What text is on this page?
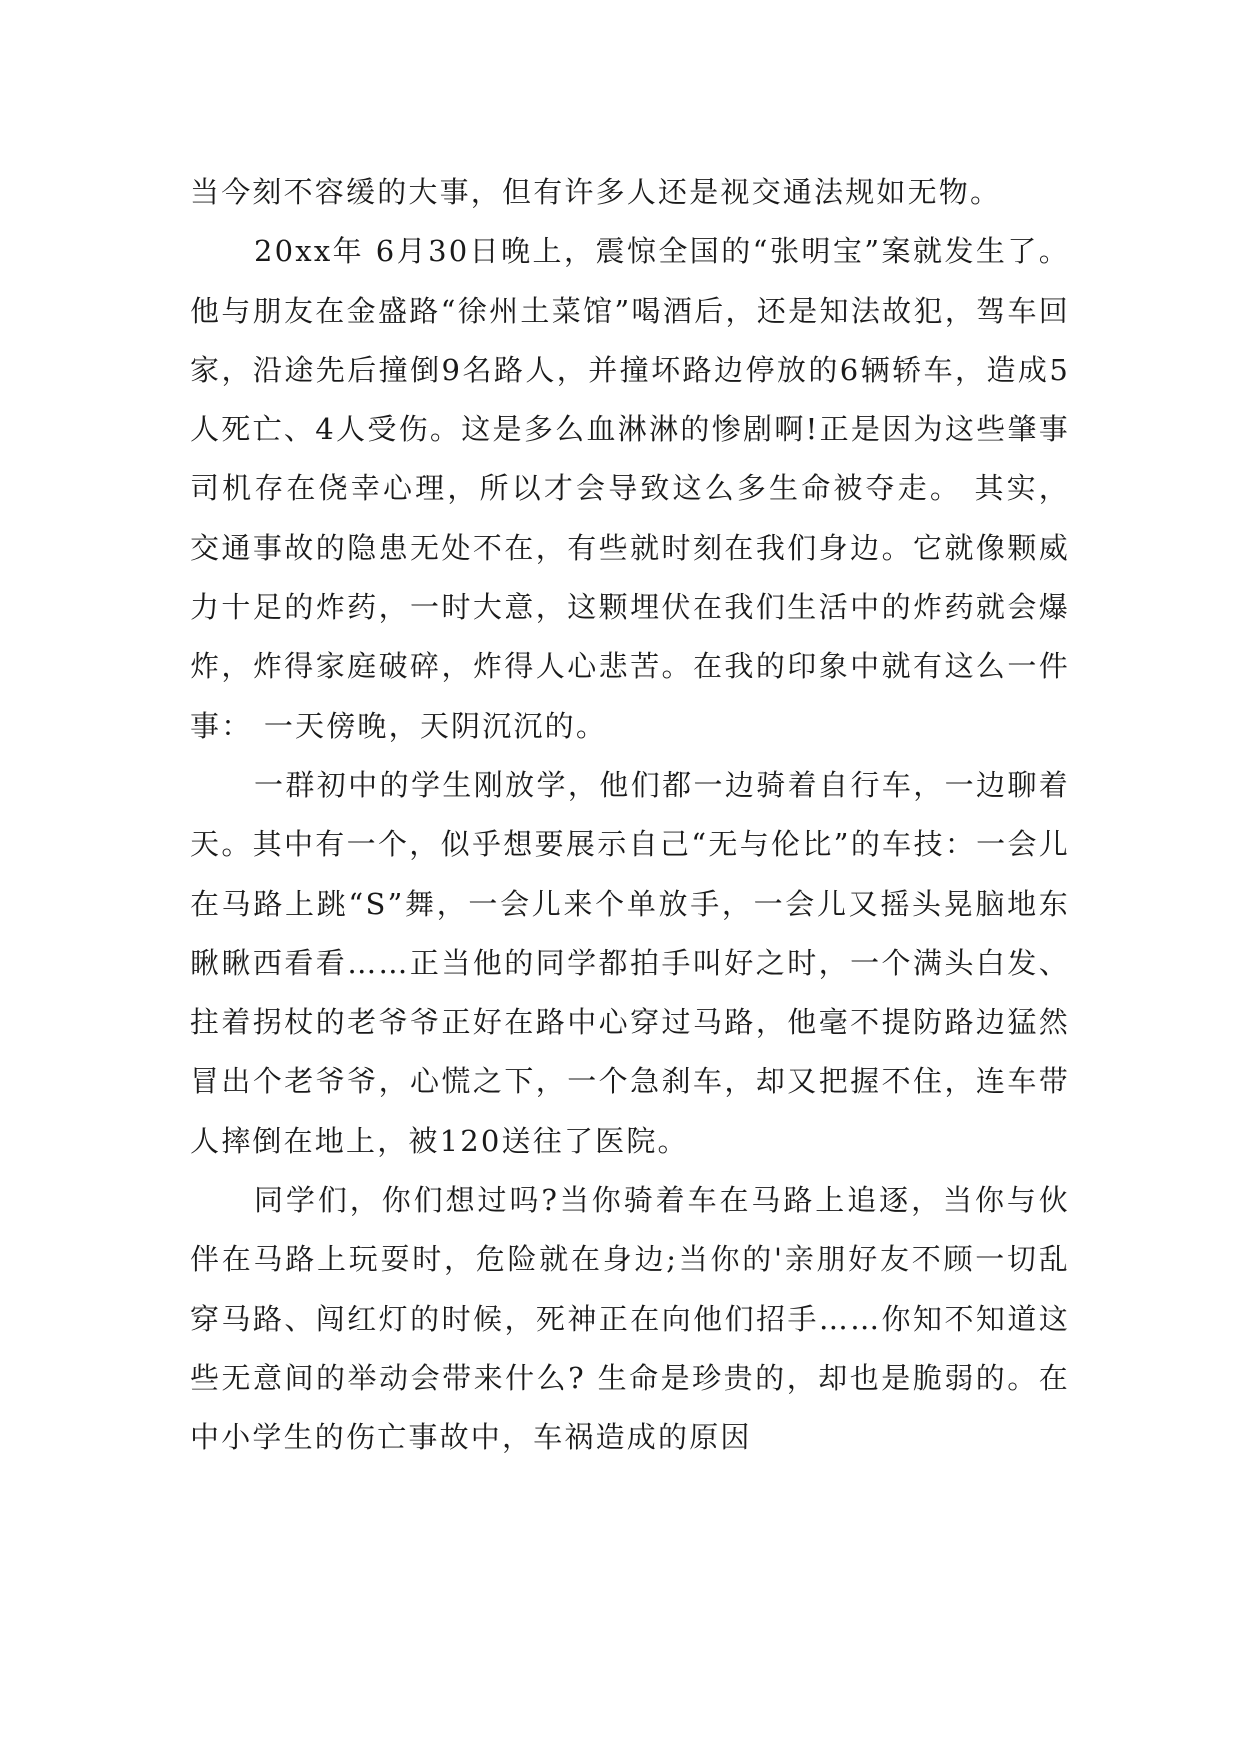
当今刻不容缓的大事，但有许多人还是视交通法规如无物。

20xx年 6月30日晚上，震惊全国的“张明宝”案就发生了。他与朋友在金盛路“徐州土菜馆”喝酒后，还是知法故犯，驾车回家，沿途先后撞倒9名路人，并撞坏路边停放的6辆轿车，造成5人死亡、4人受伤。这是多么血淋淋的惨剧啊!正是因为这些肇事司机存在侥幸心理，所以才会导致这么多生命被夺走。 其实，交通事故的隐患无处不在，有些就时刻在我们身边。它就像颗威力十足的炸药，一时大意，这颗埋伏在我们生活中的炸药就会爆炸，炸得家庭破碎，炸得人心悲苦。在我的印象中就有这么一件事： 一天傍晚，天阴沉沉的。

一群初中的学生刚放学，他们都一边骑着自行车，一边聊着天。其中有一个，似乎想要展示自己“无与伦比”的车技：一会儿在马路上跳“S”舞，一会儿来个单放手，一会儿又摇头晃脑地东瞅瞅西看看……正当他的同学都拍手叫好之时，一个满头白发、拄着拐杖的老爷爷正好在路中心穿过马路，他毫不提防路边猛然冒出个老爷爷，心慌之下，一个急刹车，却又把握不住，连车带人摔倒在地上，被120送往了医院。

同学们，你们想过吗?当你骑着车在马路上追逐，当你与伙伴在马路上玩耍时，危险就在身边;当你的'亲朋好友不顾一切乱穿马路、闯红灯的时候，死神正在向他们招手……你知不知道这些无意间的举动会带来什么? 生命是珍贵的，却也是脆弱的。在中小学生的伤亡事故中，车祸造成的原因
